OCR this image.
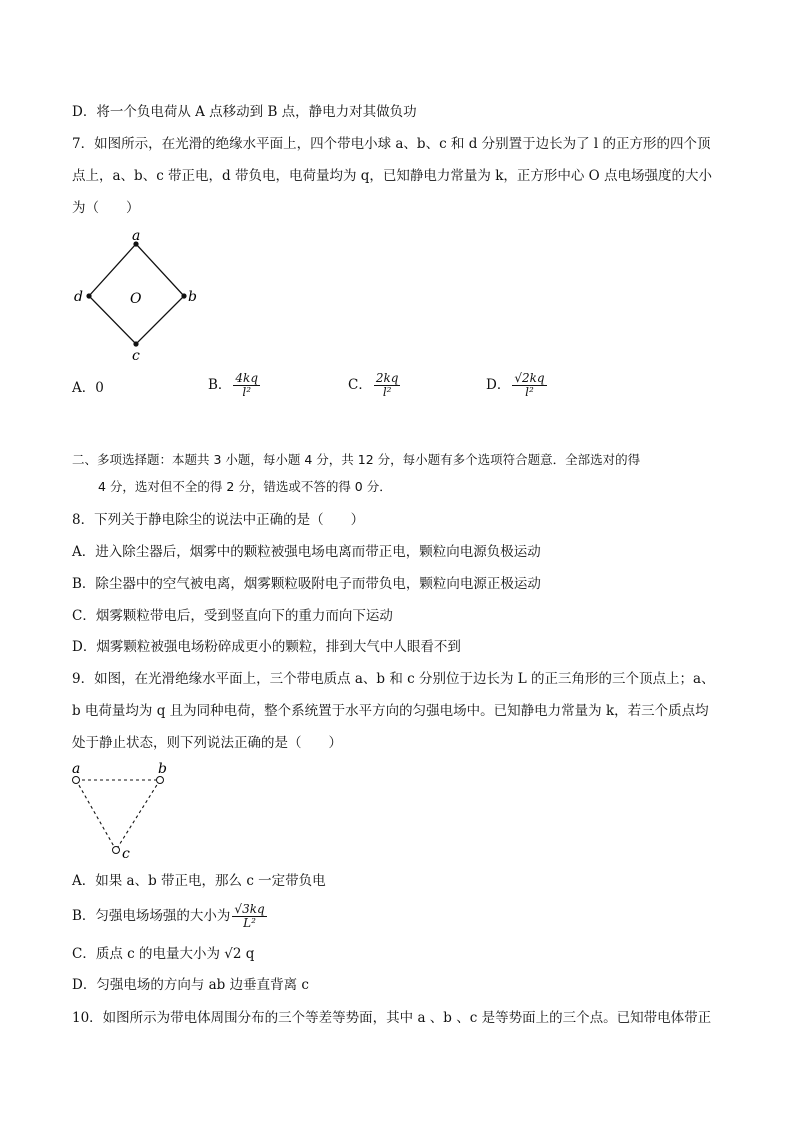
D．将一个负电荷从 A 点移动到 B 点，静电力对其做负功
7．如图所示，在光滑的绝缘水平面上，四个带电小球 a、b、c 和 d 分别置于边长为了 l 的正方形的四个顶
点上，a、b、c 带正电，d 带负电，电荷量均为 q，已知静电力常量为 k，正方形中心 O 点电场强度的大小
为（　　）
a
b
c
d	O
A．0	B． $\frac{4kq}{\text{l²}}$	C． $\frac{2kq}{\text{l²}}$	D． $\frac{√2kq}{\text{l²}}$
二、多项选择题：本题共 3 小题，每小题 4 分，共 12 分，每小题有多个选项符合题意．全部选对的得
4 分，选对但不全的得 2 分，错选或不答的得 0 分．
8．下列关于静电除尘的说法中正确的是（　　）
A．进入除尘器后，烟雾中的颗粒被强电场电离而带正电，颗粒向电源负极运动
B．除尘器中的空气被电离，烟雾颗粒吸附电子而带负电，颗粒向电源正极运动
C．烟雾颗粒带电后，受到竖直向下的重力而向下运动
D．烟雾颗粒被强电场粉碎成更小的颗粒，排到大气中人眼看不到
9．如图，在光滑绝缘水平面上，三个带电质点 a、b 和 c 分别位于边长为 L 的正三角形的三个顶点上；a、
b 电荷量均为 q 且为同种电荷，整个系统置于水平方向的匀强电场中。已知静电力常量为 k，若三个质点均
处于静止状态，则下列说法正确的是（　　）
a	b
c
A．如果 a、b 带正电，那么 c 一定带负电
B．匀强电场场强的大小为 $\frac{√3kq}{\text{L²}}$
C．质点 c 的电量大小为 √2 q
D．匀强电场的方向与 ab 边垂直背离 c
10．如图所示为带电体周围分布的三个等差等势面，其中 a 、b 、c 是等势面上的三个点。已知带电体带正
